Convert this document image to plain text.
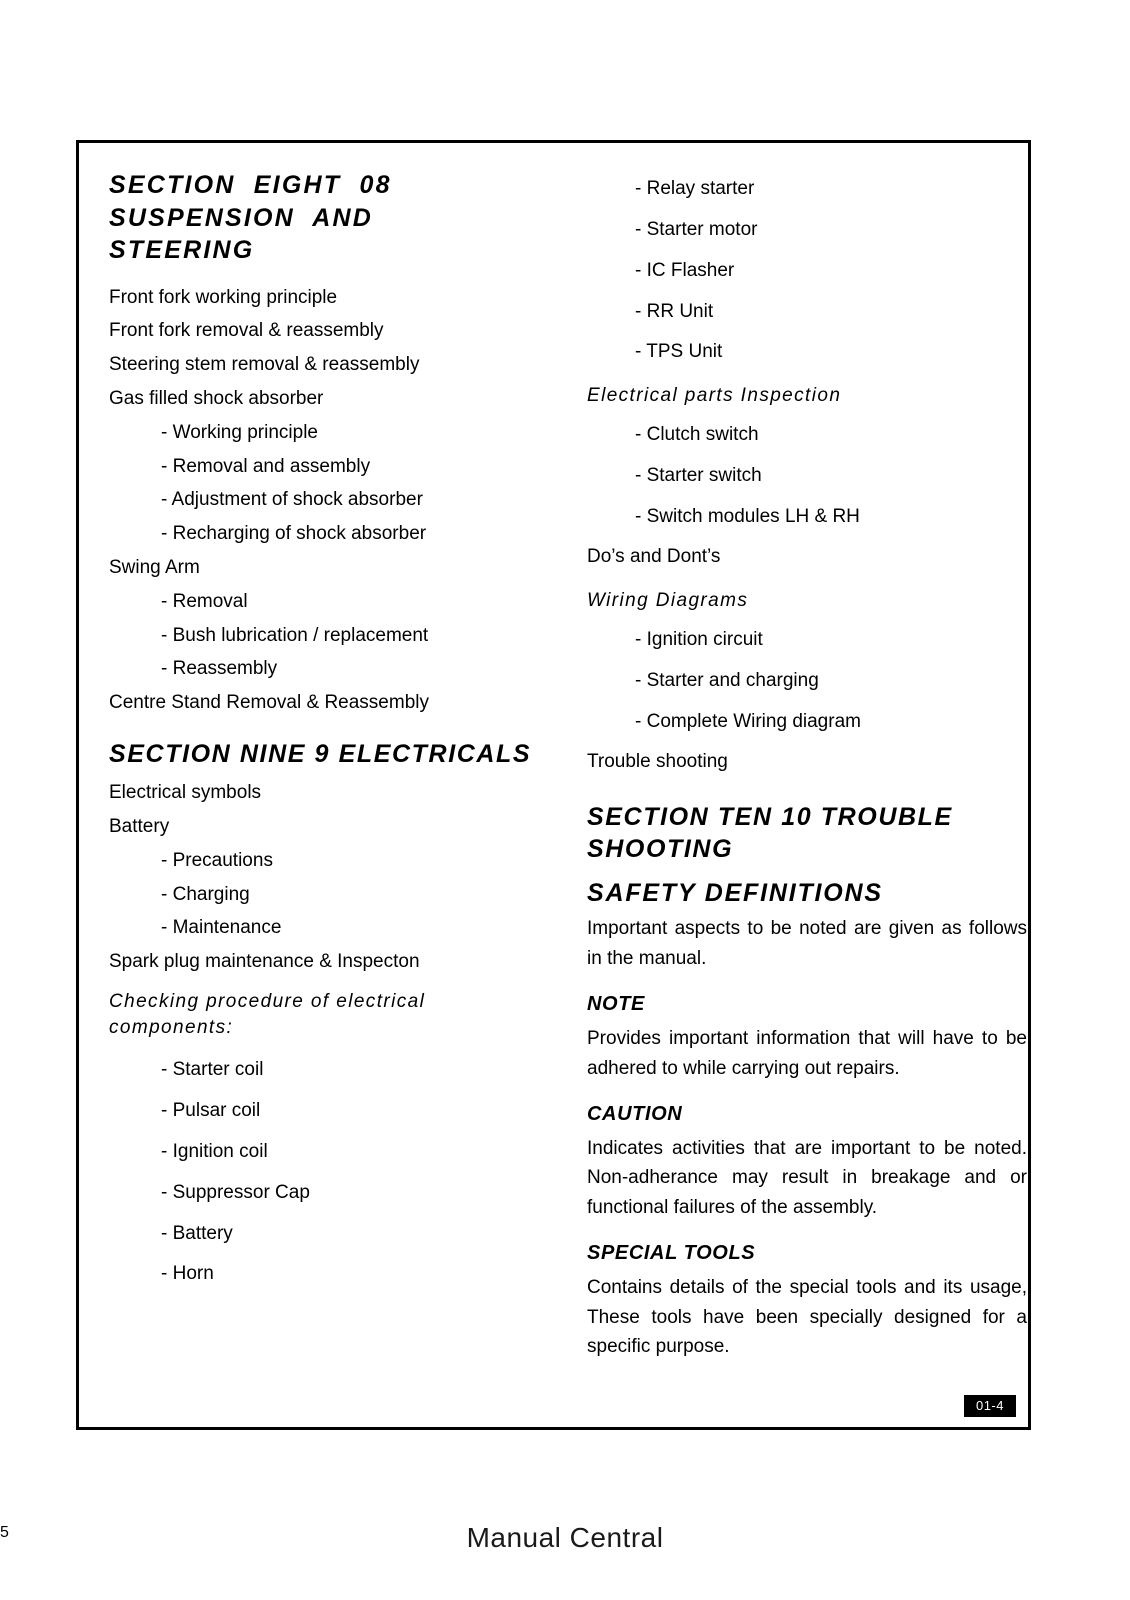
SECTION  EIGHT  08
SUSPENSION  AND
STEERING

Front fork working principle

Front fork removal & reassembly

Steering stem removal & reassembly

Gas filled shock absorber

- Working principle

- Removal and assembly

- Adjustment of shock absorber

- Recharging of shock absorber

Swing Arm

- Removal

- Bush lubrication / replacement

- Reassembly

Centre Stand Removal & Reassembly

SECTION NINE 9 ELECTRICALS

Electrical symbols

Battery

- Precautions

- Charging

- Maintenance

Spark plug maintenance & Inspecton

Checking procedure of electrical components:

- Starter coil

- Pulsar coil

- Ignition coil

- Suppressor Cap

- Battery

- Horn

- Relay starter

- Starter motor

- IC Flasher

- RR Unit

- TPS Unit

Electrical parts Inspection

- Clutch switch

- Starter switch

- Switch modules LH & RH

Do’s and Dont’s

Wiring Diagrams

- Ignition circuit

- Starter and charging

- Complete Wiring diagram

Trouble shooting

SECTION TEN 10 TROUBLE SHOOTING
SAFETY DEFINITIONS

Important aspects to be noted are given as follows in the manual.

NOTE

Provides important information that will have to be adhered to while carrying out repairs.

CAUTION

Indicates activities that are important to be noted. Non-adherance may result in breakage and or functional failures of the assembly.

SPECIAL TOOLS

Contains details of the special tools and its usage, These tools have been specially designed for a specific purpose.

01-4
Manual Central
5
